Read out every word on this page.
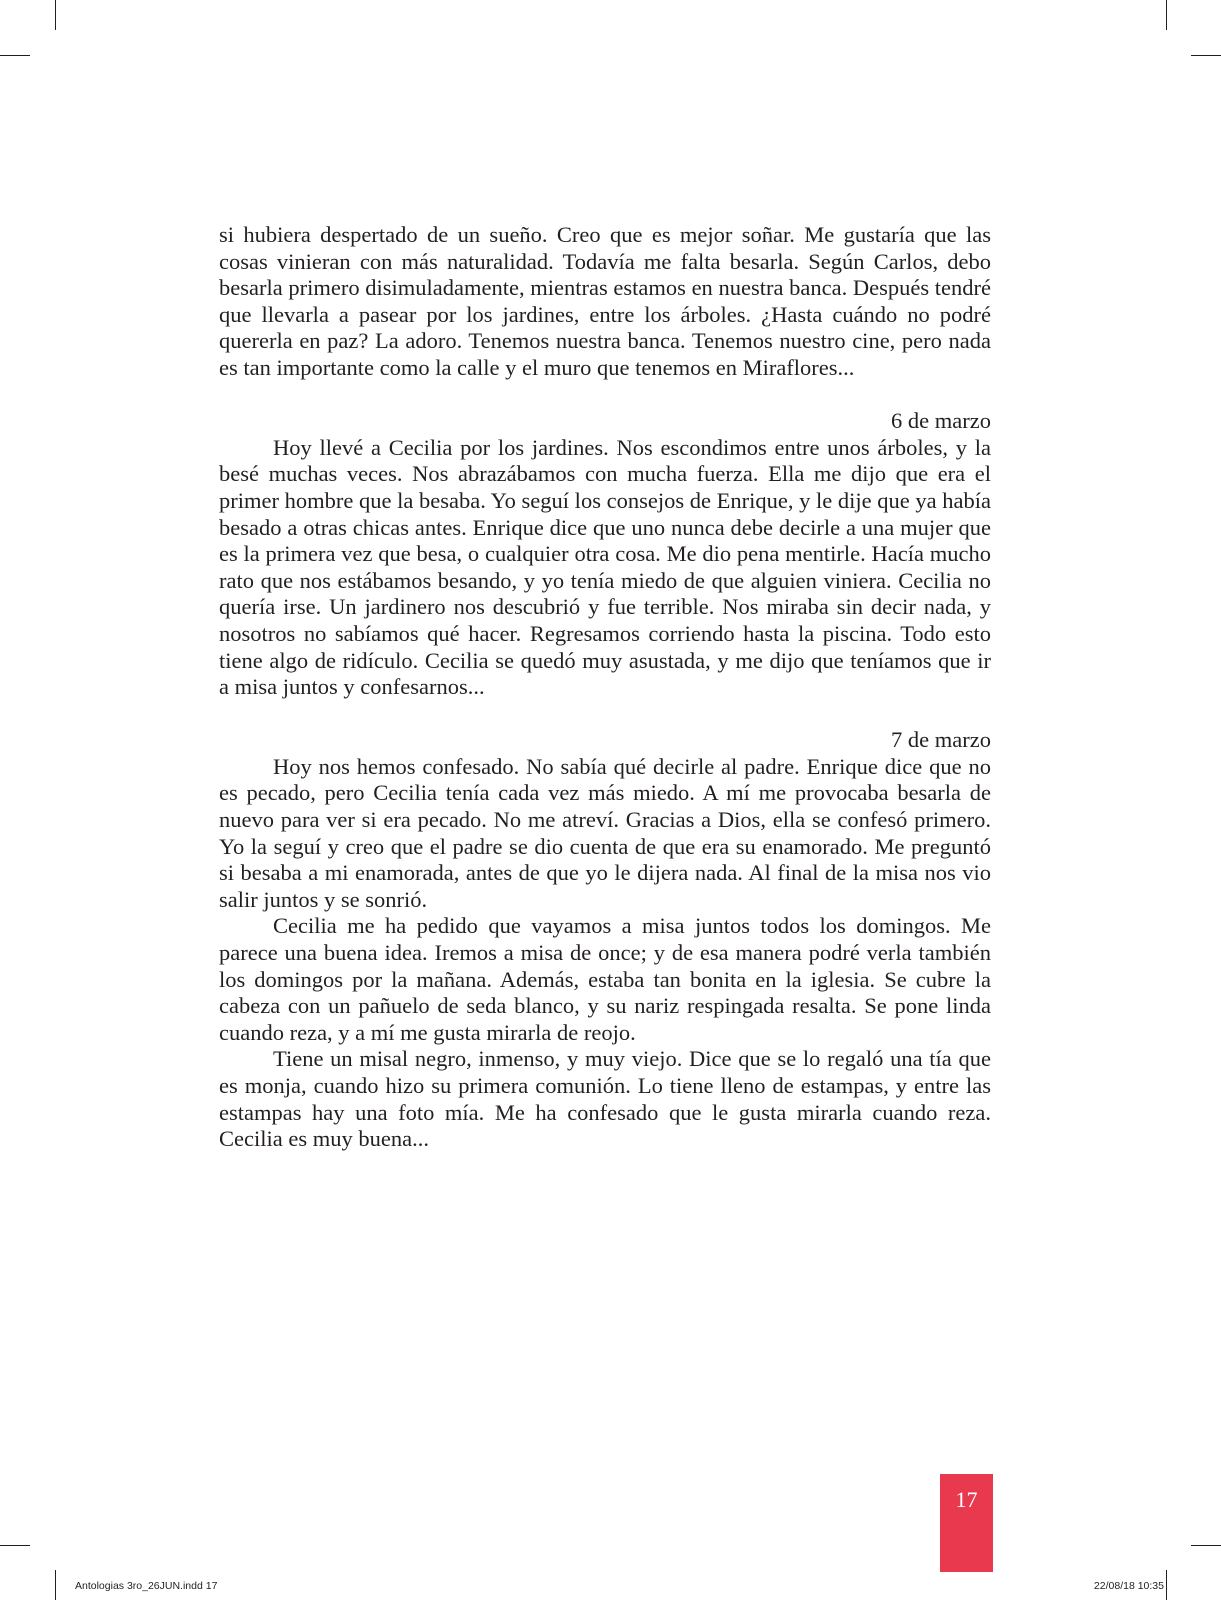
si hubiera despertado de un sueño. Creo que es mejor soñar. Me gustaría que las cosas vinieran con más naturalidad. Todavía me falta besarla. Según Carlos, debo besarla primero disimuladamente, mientras estamos en nuestra banca. Después tendré que llevarla a pasear por los jardines, entre los árboles. ¿Hasta cuándo no podré quererla en paz? La adoro. Tenemos nuestra banca. Tenemos nuestro cine, pero nada es tan importante como la calle y el muro que tenemos en Miraflores...

6 de marzo

Hoy llevé a Cecilia por los jardines. Nos escondimos entre unos árboles, y la besé muchas veces. Nos abrazábamos con mucha fuerza. Ella me dijo que era el primer hombre que la besaba. Yo seguí los consejos de Enrique, y le dije que ya había besado a otras chicas antes. Enrique dice que uno nunca debe decirle a una mujer que es la primera vez que besa, o cualquier otra cosa. Me dio pena mentirle. Hacía mucho rato que nos estábamos besando, y yo tenía miedo de que alguien viniera. Cecilia no quería irse. Un jardinero nos descubrió y fue terrible. Nos miraba sin decir nada, y nosotros no sabíamos qué hacer. Regresamos corriendo hasta la piscina. Todo esto tiene algo de ridículo. Cecilia se quedó muy asustada, y me dijo que teníamos que ir a misa juntos y confesarnos...

7 de marzo

Hoy nos hemos confesado. No sabía qué decirle al padre. Enrique dice que no es pecado, pero Cecilia tenía cada vez más miedo. A mí me provocaba besarla de nuevo para ver si era pecado. No me atreví. Gracias a Dios, ella se confesó primero. Yo la seguí y creo que el padre se dio cuenta de que era su enamorado. Me preguntó si besaba a mi enamorada, antes de que yo le dijera nada. Al final de la misa nos vio salir juntos y se sonrió.

Cecilia me ha pedido que vayamos a misa juntos todos los domingos. Me parece una buena idea. Iremos a misa de once; y de esa manera podré verla también los domingos por la mañana. Además, estaba tan bonita en la iglesia. Se cubre la cabeza con un pañuelo de seda blanco, y su nariz respingada resalta. Se pone linda cuando reza, y a mí me gusta mirarla de reojo.

Tiene un misal negro, inmenso, y muy viejo. Dice que se lo regaló una tía que es monja, cuando hizo su primera comunión. Lo tiene lleno de estampas, y entre las estampas hay una foto mía. Me ha confesado que le gusta mirarla cuando reza. Cecilia es muy buena...

17
Antologias 3ro_26JUN.indd 17	22/08/18 10:35
